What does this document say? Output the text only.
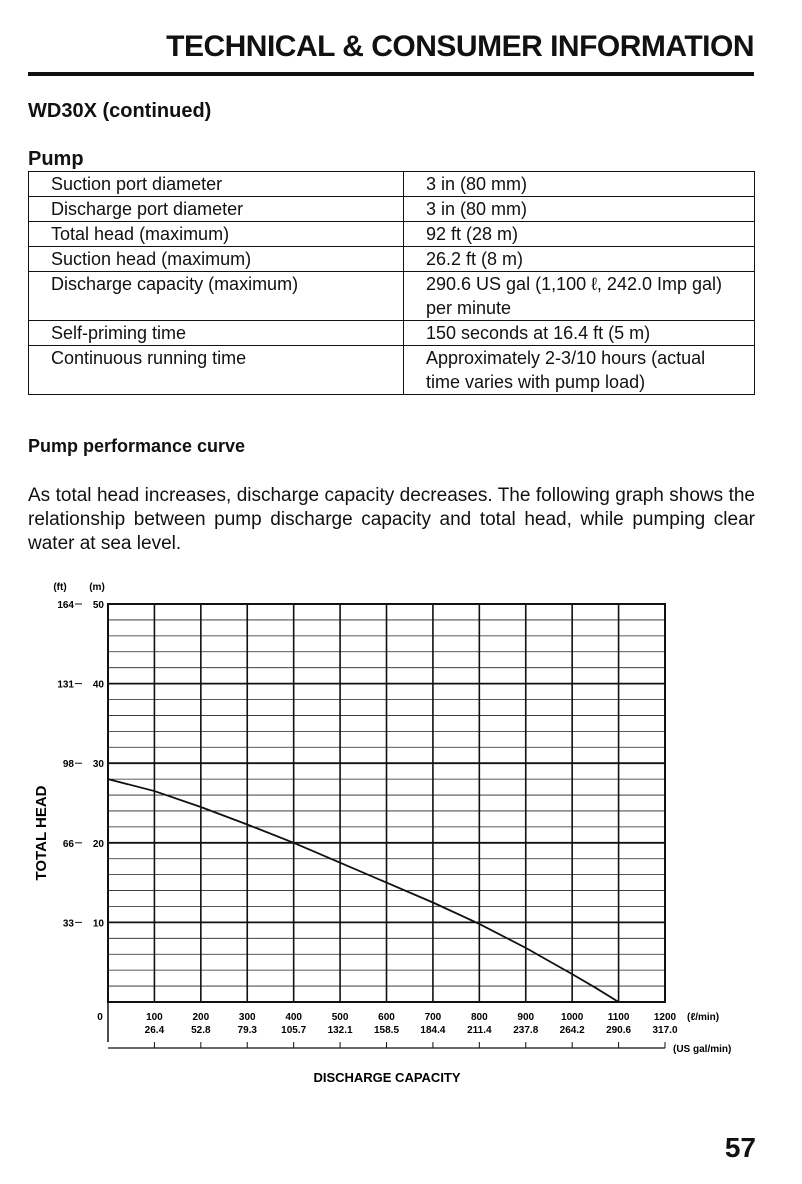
TECHNICAL & CONSUMER INFORMATION
WD30X (continued)
Pump
Suction port diameter	3 in (80 mm)
Discharge port diameter	3 in (80 mm)
Total head (maximum)	92 ft (28 m)
Suction head (maximum)	26.2 ft (8 m)
Discharge capacity (maximum)	290.6 US gal (1,100 ℓ, 242.0 Imp gal) per minute
Self-priming time	150 seconds at 16.4 ft (5 m)
Continuous running time	Approximately 2-3/10 hours (actual time varies with pump load)
Pump performance curve
As total head increases, discharge capacity decreases. The following graph shows the relationship between pump discharge capacity and total head, while pumping clear water at sea level.
(ft) (m)
33 10
66 20
98 30
131 40
164 50
0
TOTAL HEAD
100
26.4
200
52.8
300
79.3
400
105.7
500
132.1
600
158.5
700
184.4
800
211.4
900
237.8
1000
264.2
1100
290.6
1200
317.0
(ℓ/min)
(US gal/min)
DISCHARGE CAPACITY
57
